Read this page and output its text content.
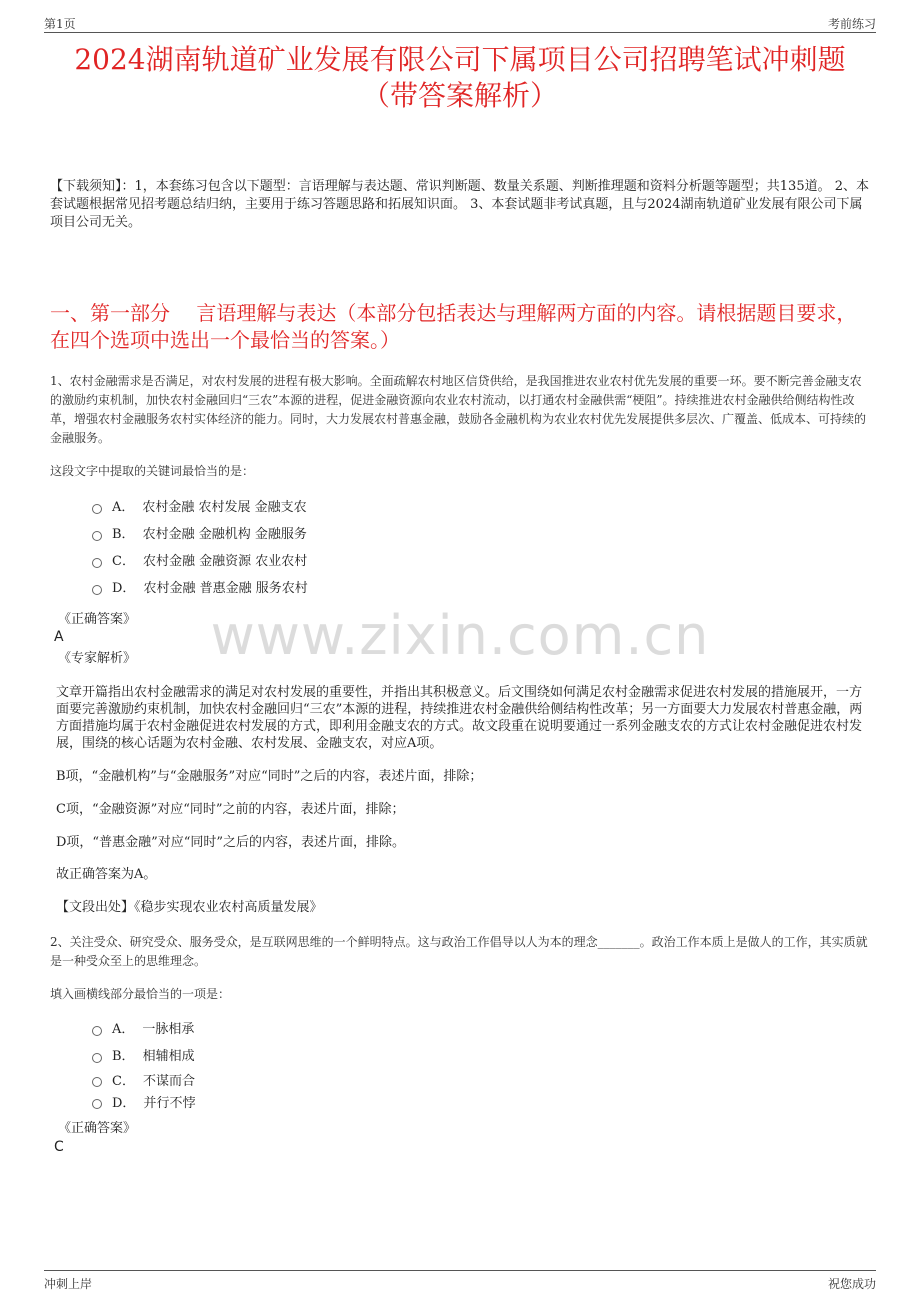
第1页	考前练习
2024湖南轨道矿业发展有限公司下属项目公司招聘笔试冲刺题
（带答案解析）
【下载须知】：1，本套练习包含以下题型：言语理解与表达题、常识判断题、数量关系题、判断推理题和资料分析题等题型；共135道。 2、本套试题根据常见招考题总结归纳，主要用于练习答题思路和拓展知识面。 3、本套试题非考试真题，且与2024湖南轨道矿业发展有限公司下属项目公司无关。
一、第一部分　 言语理解与表达（本部分包括表达与理解两方面的内容。请根据题目要求，在四个选项中选出一个最恰当的答案。）
www.zixin.com.cn
1、农村金融需求是否满足，对农村发展的进程有极大影响。全面疏解农村地区信贷供给，是我国推进农业农村优先发展的重要一环。要不断完善金融支农的激励约束机制，加快农村金融回归“三农”本源的进程，促进金融资源向农业农村流动，以打通农村金融供需“梗阻”。持续推进农村金融供给侧结构性改革，增强农村金融服务农村实体经济的能力。同时，大力发展农村普惠金融，鼓励各金融机构为农业农村优先发展提供多层次、广覆盖、低成本、可持续的金融服务。
这段文字中提取的关键词最恰当的是：
A． 农村金融 农村发展 金融支农
B． 农村金融 金融机构 金融服务
C． 农村金融 金融资源 农业农村
D． 农村金融 普惠金融 服务农村
《正确答案》
A
《专家解析》
文章开篇指出农村金融需求的满足对农村发展的重要性，并指出其积极意义。后文围绕如何满足农村金融需求促进农村发展的措施展开，一方面要完善激励约束机制，加快农村金融回归“三农”本源的进程，持续推进农村金融供给侧结构性改革；另一方面要大力发展农村普惠金融，两方面措施均属于农村金融促进农村发展的方式，即利用金融支农的方式。故文段重在说明要通过一系列金融支农的方式让农村金融促进农村发展，围绕的核心话题为农村金融、农村发展、金融支农，对应A项。
B项，“金融机构”与“金融服务”对应“同时”之后的内容，表述片面，排除；
C项，“金融资源”对应“同时”之前的内容，表述片面，排除；
D项，“普惠金融”对应“同时”之后的内容，表述片面，排除。
故正确答案为A。
【文段出处】《稳步实现农业农村高质量发展》
2、关注受众、研究受众、服务受众，是互联网思维的一个鲜明特点。这与政治工作倡导以人为本的理念_______。政治工作本质上是做人的工作，其实质就是一种受众至上的思维理念。
填入画横线部分最恰当的一项是：
A． 一脉相承
B． 相辅相成
C． 不谋而合
D． 并行不悖
《正确答案》
C
冲刺上岸	祝您成功
